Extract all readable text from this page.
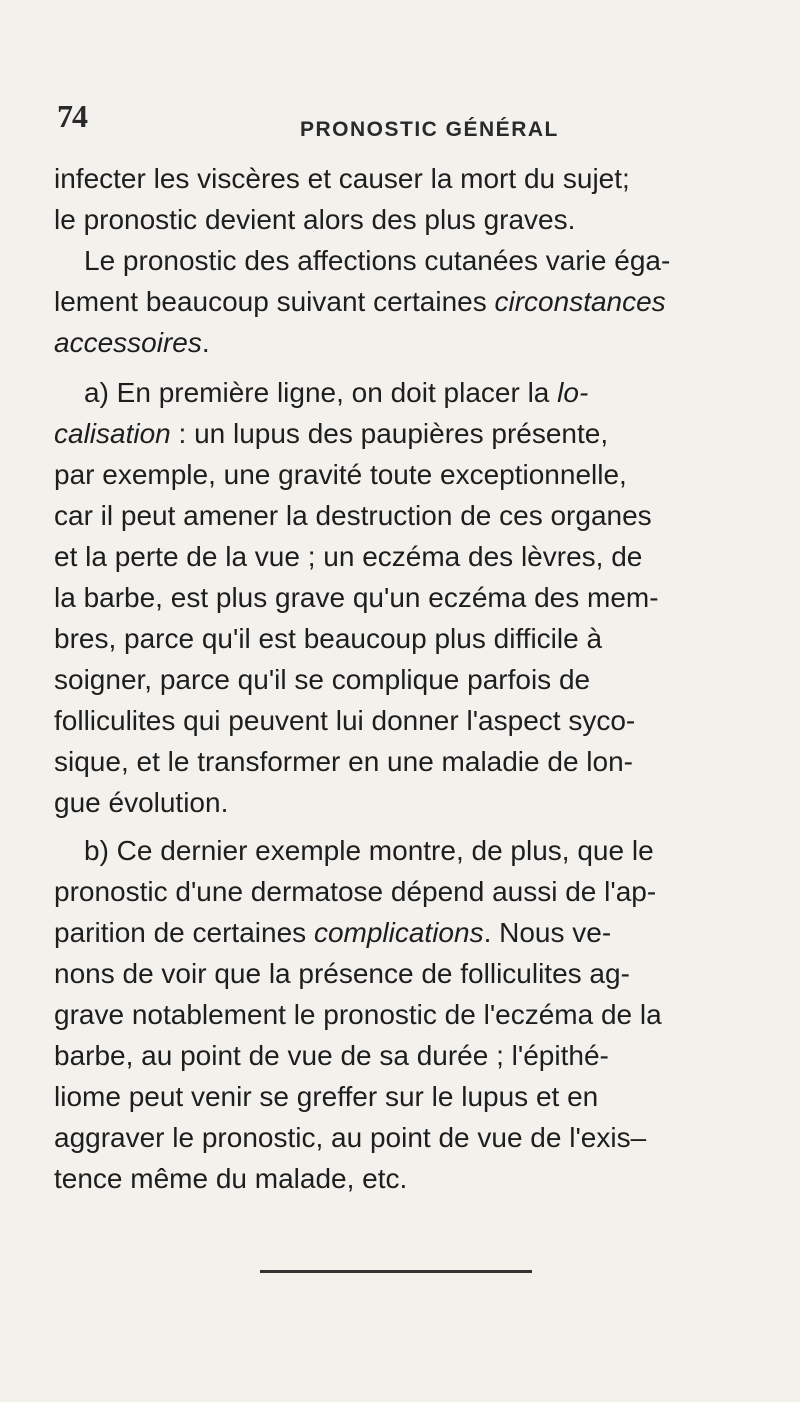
74	PRONOSTIC GÉNÉRAL
infecter les viscères et causer la mort du sujet;
le pronostic devient alors des plus graves.
Le pronostic des affections cutanées varie éga-
lement beaucoup suivant certaines circonstances
accessoires.
a) En première ligne, on doit placer la lo-
calisation : un lupus des paupières présente,
par exemple, une gravité toute exceptionnelle,
car il peut amener la destruction de ces organes
et la perte de la vue ; un eczéma des lèvres, de
la barbe, est plus grave qu'un eczéma des mem-
bres, parce qu'il est beaucoup plus difficile à
soigner, parce qu'il se complique parfois de
folliculites qui peuvent lui donner l'aspect syco-
sique, et le transformer en une maladie de lon-
gue évolution.
b) Ce dernier exemple montre, de plus, que le
pronostic d'une dermatose dépend aussi de l'ap-
parition de certaines complications. Nous ve-
nons de voir que la présence de folliculites ag-
grave notablement le pronostic de l'eczéma de la
barbe, au point de vue de sa durée ; l'épithé-
liome peut venir se greffer sur le lupus et en
aggraver le pronostic, au point de vue de l'exis–
tence même du malade, etc.
